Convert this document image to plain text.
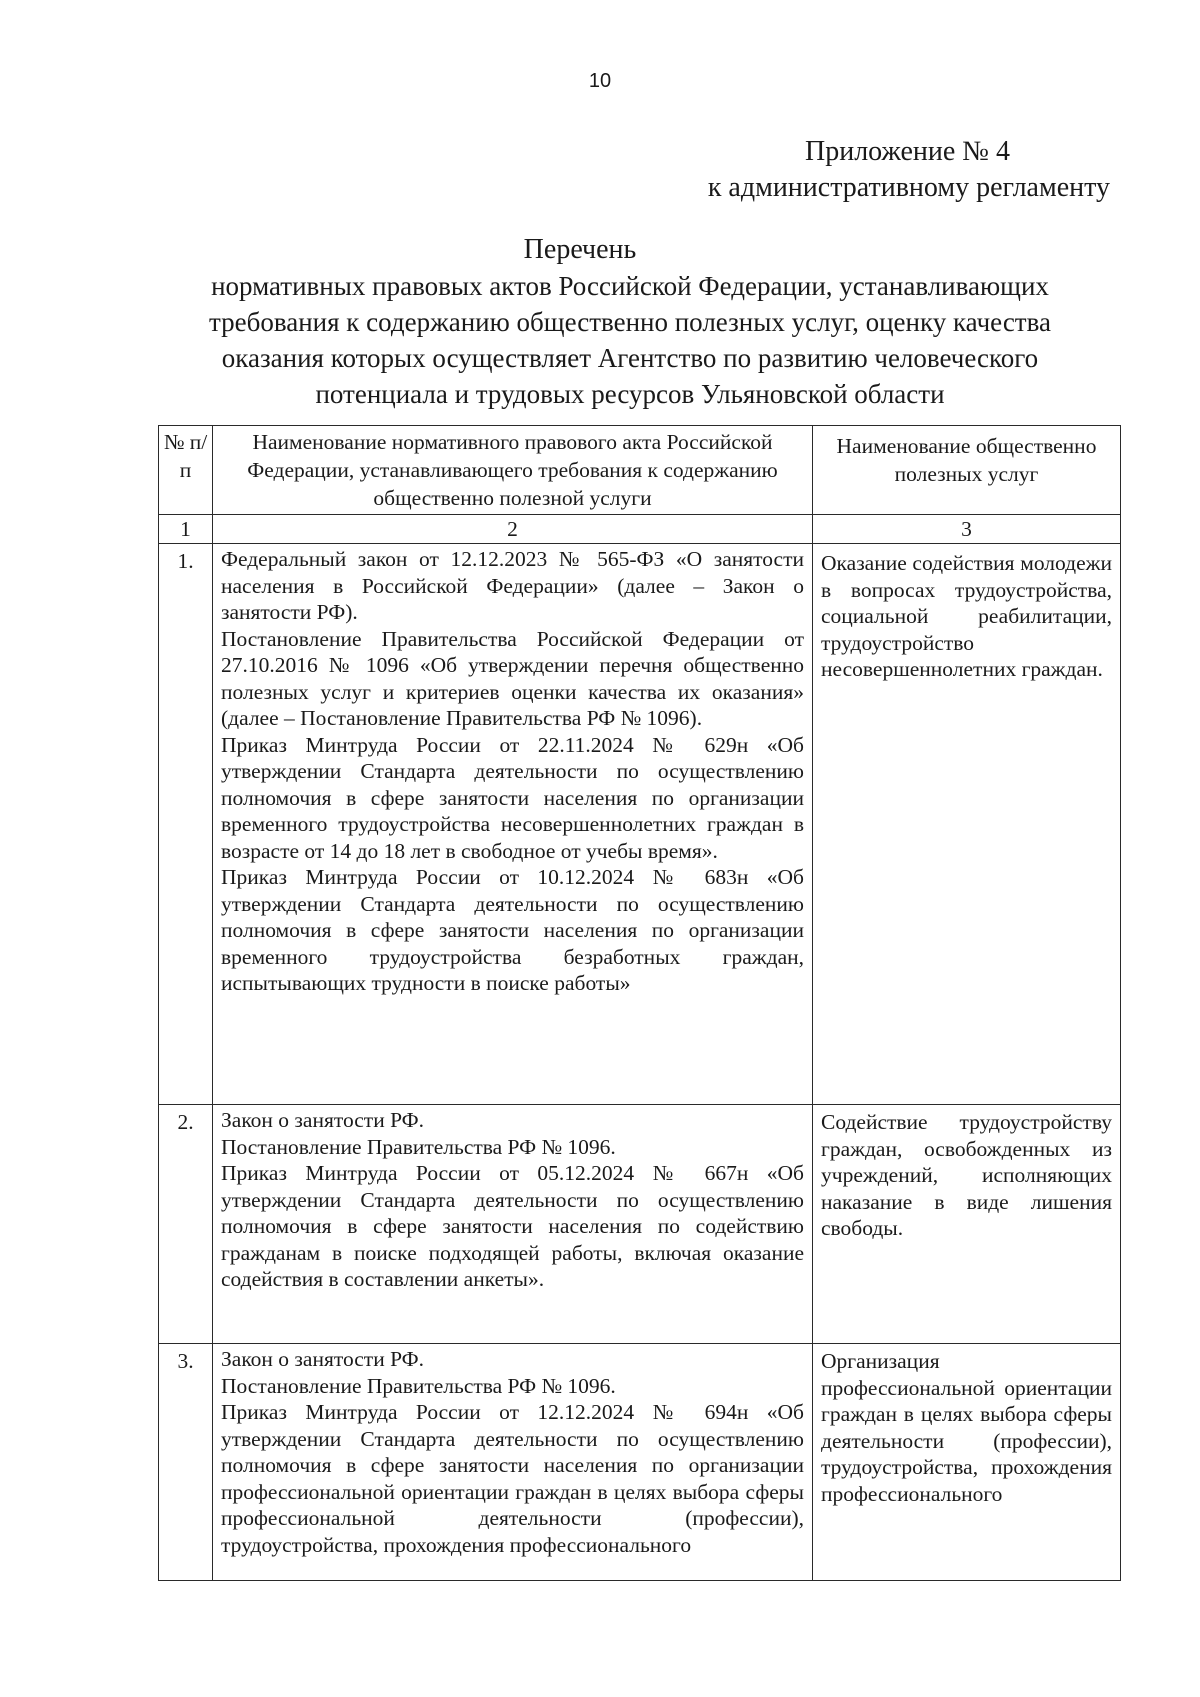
10
Приложение № 4
к административному регламенту
Перечень
нормативных правовых актов Российской Федерации, устанавливающих
требования к содержанию общественно полезных услуг, оценку качества
оказания которых осуществляет Агентство по развитию человеческого
потенциала и трудовых ресурсов Ульяновской области
№ п/п	Наименование нормативного правового акта Российской Федерации, устанавливающего требования к содержанию общественно полезной услуги	Наименование общественно полезных услуг
1	2	3
1.	Федеральный закон от 12.12.2023 № 565-ФЗ «О занятости населения в Российской Федерации» (далее – Закон о занятости РФ).

Постановление Правительства Российской Федерации от 27.10.2016 № 1096 «Об утверждении перечня общественно полезных услуг и критериев оценки качества их оказания» (далее – Постановление Правительства РФ № 1096).

Приказ Минтруда России от 22.11.2024 № 629н «Об утверждении Стандарта деятельности по осуществлению полномочия в сфере занятости населения по организации временного трудоустройства несовершеннолетних граждан в возрасте от 14 до 18 лет в свободное от учебы время».

Приказ Минтруда России от 10.12.2024 № 683н «Об утверждении Стандарта деятельности по осуществлению полномочия в сфере занятости населения по организации временного трудоустройства безработных граждан, испытывающих трудности в поиске работы»	Оказание содействия молодежи в вопросах трудоустройства, социальной реабилитации, трудоустройство несовершеннолетних граждан.

2.	Закон о занятости РФ.

Постановление Правительства РФ № 1096.

Приказ Минтруда России от 05.12.2024 № 667н «Об утверждении Стандарта деятельности по осуществлению полномочия в сфере занятости населения по содействию гражданам в поиске подходящей работы, включая оказание содействия в составлении анкеты».	Содействие трудоустройству граждан, освобожденных из учреждений, исполняющих наказание в виде лишения свободы.

3.	Закон о занятости РФ.

Постановление Правительства РФ № 1096.

Приказ Минтруда России от 12.12.2024 № 694н «Об утверждении Стандарта деятельности по осуществлению полномочия в сфере занятости населения по организации профессиональной ориентации граждан в целях выбора сферы профессиональной деятельности (профессии), трудоустройства, прохождения профессионального	Организация профессиональной ориентации граждан в целях выбора сферы деятельности (профессии), трудоустройства, прохождения профессионального
